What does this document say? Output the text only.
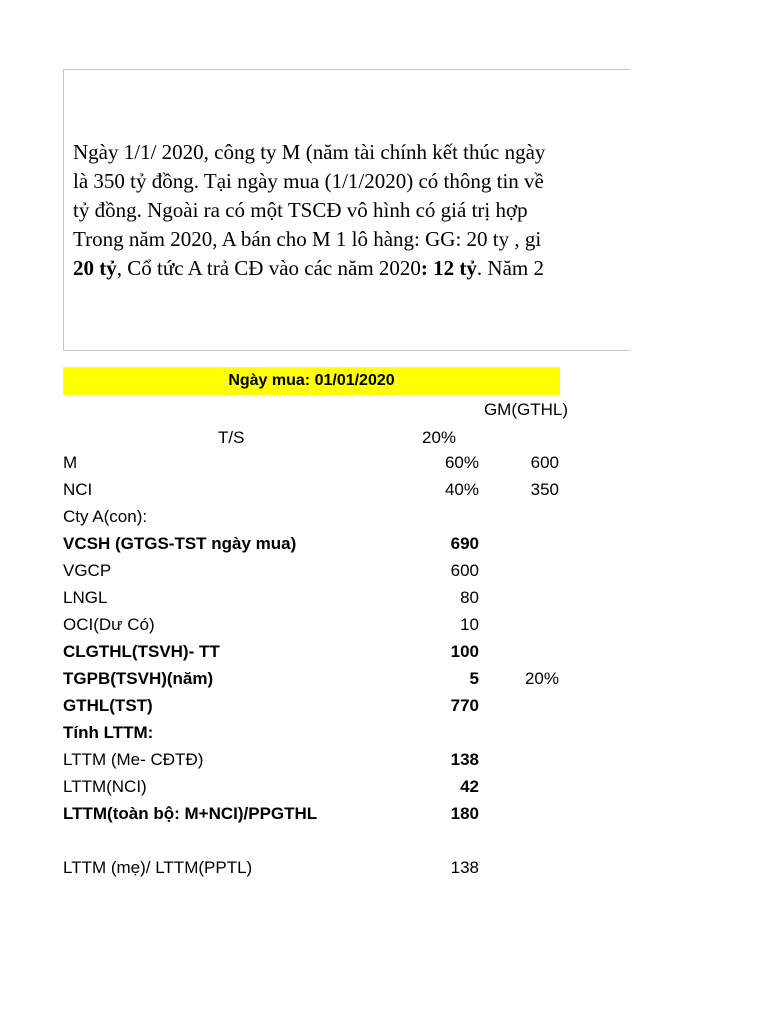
Ngày 1/1/ 2020, công ty M (năm tài chính kết thúc ngày
là 350 tỷ đồng. Tại ngày mua (1/1/2020) có thông tin về
tỷ đồng. Ngoài ra có một TSCĐ vô hình có giá trị hợp
Trong năm 2020, A bán cho M 1 lô hàng: GG: 20 ty , gi
20 tỷ, Cổ tức A trả CĐ vào các năm 2020: 12 tỷ. Năm 2
Ngày mua: 01/01/2020
GM(GTHL)
T/S	20%
M	60%	600
NCI	40%	350
Cty A(con):
VCSH (GTGS-TST ngày mua)	690
VGCP	600
LNGL	80
OCI(Dư Có)	10
CLGTHL(TSVH)- TT	100
TGPB(TSVH)(năm)	5	20%
GTHL(TST)	770
Tính LTTM:
LTTM (Me- CĐTĐ)	138
LTTM(NCI)	42
LTTM(toàn bộ: M+NCI)/PPGTHL	180
LTTM (mẹ)/ LTTM(PPTL)	138
